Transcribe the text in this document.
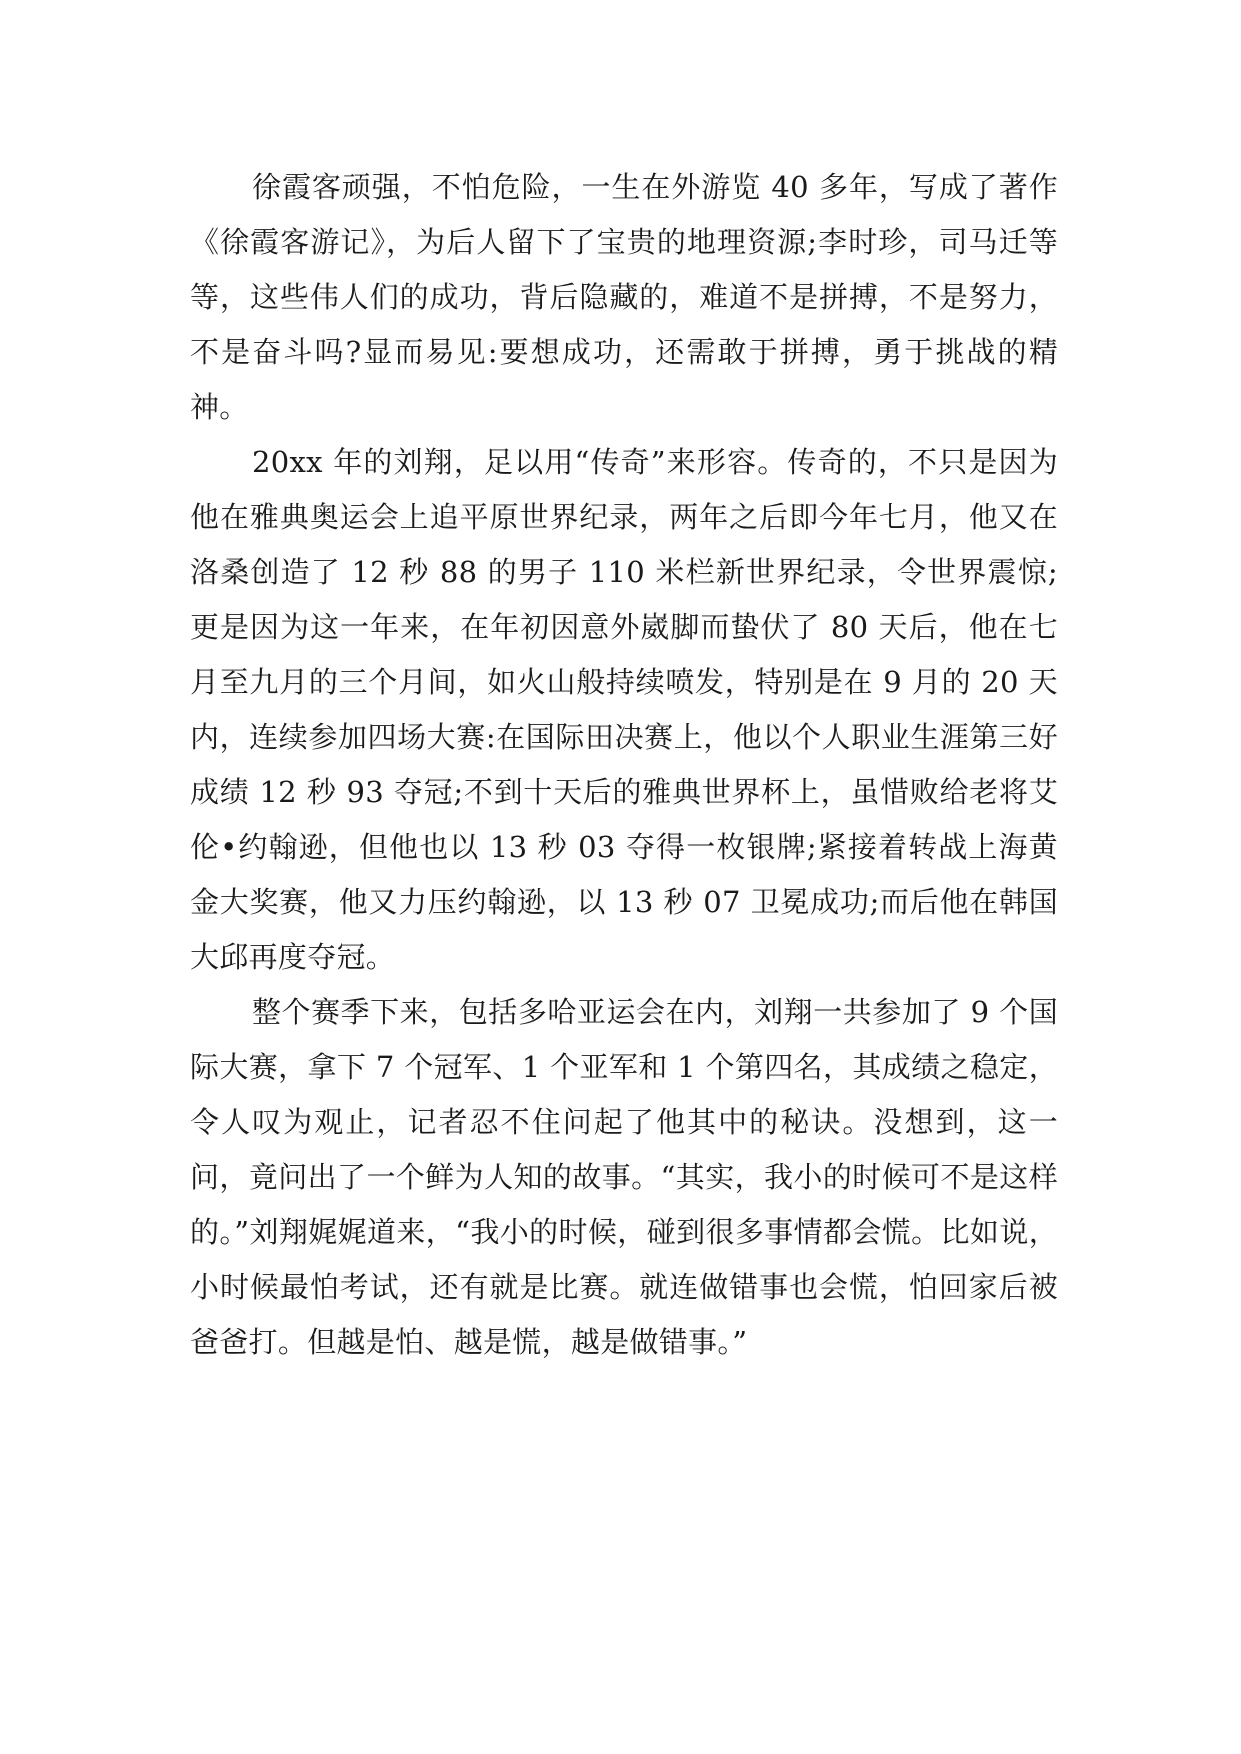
徐霞客顽强，不怕危险，一生在外游览 40 多年，写成了著作《徐霞客游记》，为后人留下了宝贵的地理资源;李时珍，司马迁等等，这些伟人们的成功，背后隐藏的，难道不是拼搏，不是努力，不是奋斗吗?显而易见:要想成功，还需敢于拼搏，勇于挑战的精神。

20xx 年的刘翔，足以用“传奇”来形容。传奇的，不只是因为他在雅典奥运会上追平原世界纪录，两年之后即今年七月，他又在洛桑创造了 12 秒 88 的男子 110 米栏新世界纪录，令世界震惊;更是因为这一年来，在年初因意外崴脚而蛰伏了 80 天后，他在七月至九月的三个月间，如火山般持续喷发，特别是在 9 月的 20 天内，连续参加四场大赛:在国际田决赛上，他以个人职业生涯第三好成绩 12 秒 93 夺冠;不到十天后的雅典世界杯上，虽惜败给老将艾伦•约翰逊，但他也以 13 秒 03 夺得一枚银牌;紧接着转战上海黄金大奖赛，他又力压约翰逊，以 13 秒 07 卫冕成功;而后他在韩国大邱再度夺冠。

整个赛季下来，包括多哈亚运会在内，刘翔一共参加了 9 个国际大赛，拿下 7 个冠军、1 个亚军和 1 个第四名，其成绩之稳定，令人叹为观止，记者忍不住问起了他其中的秘诀。没想到，这一问，竟问出了一个鲜为人知的故事。“其实，我小的时候可不是这样的。”刘翔娓娓道来，“我小的时候，碰到很多事情都会慌。比如说，小时候最怕考试，还有就是比赛。就连做错事也会慌，怕回家后被爸爸打。但越是怕、越是慌，越是做错事。”
